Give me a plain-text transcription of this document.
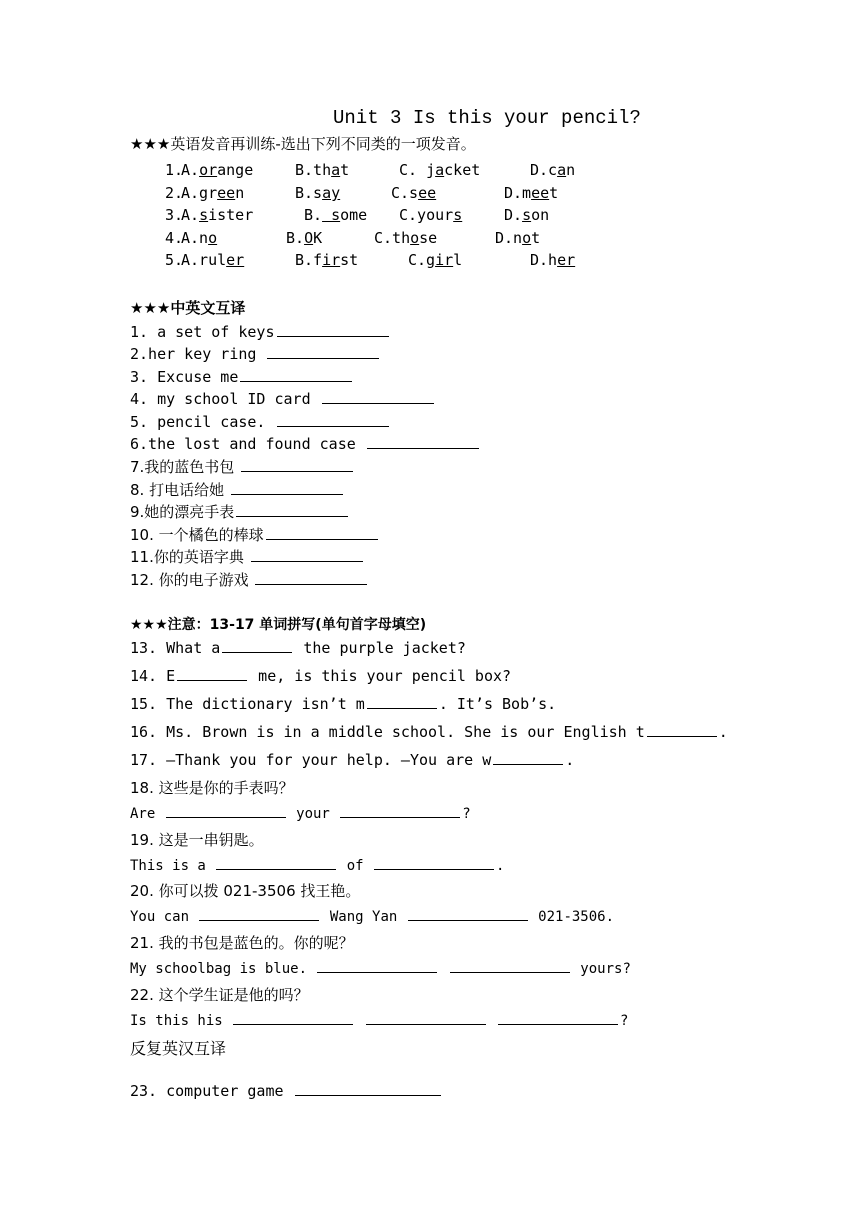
Unit 3 Is this your pencil?
★★★英语发音再训练-选出下列不同类的一项发音。
1.
A.orange	B.that	C. jacket	D.can
2.
A.green	B.say	C.see	D.meet
3.
A.sister	B. some C.yours	D.son
4.
A.no	B.OK	C.those	D.not
5.
A.ruler	B.first	C.girl	D.her
★★★中英文互译
1. a set of keys
2.her key ring
3. Excuse me
4. my school ID card
5. pencil case.
6.the lost and found case
7.我的蓝色书包
8. 打电话给她
9.她的漂亮手表
10. 一个橘色的棒球
11.你的英语字典
12. 你的电子游戏
★★★注意：13-17 单词拼写(单句首字母填空)
13. What a	the purple jacket?
14. E	me, is this your pencil box?
15. The dictionary isn’t m	. It’s Bob’s.
16. Ms. Brown is in a middle school. She is our English t	.
17. —Thank you for your help. —You are w	.
18. 这些是你的手表吗？
Are	your	?
19. 这是一串钥匙。
This is a	of	.
20. 你可以拨 021-3506 找王艳。
You can	Wang Yan	021-3506.
21. 我的书包是蓝色的。你的呢？
My schoolbag is blue.	yours?
22. 这个学生证是他的吗？
Is this his	?
反复英汉互译
23. computer game
